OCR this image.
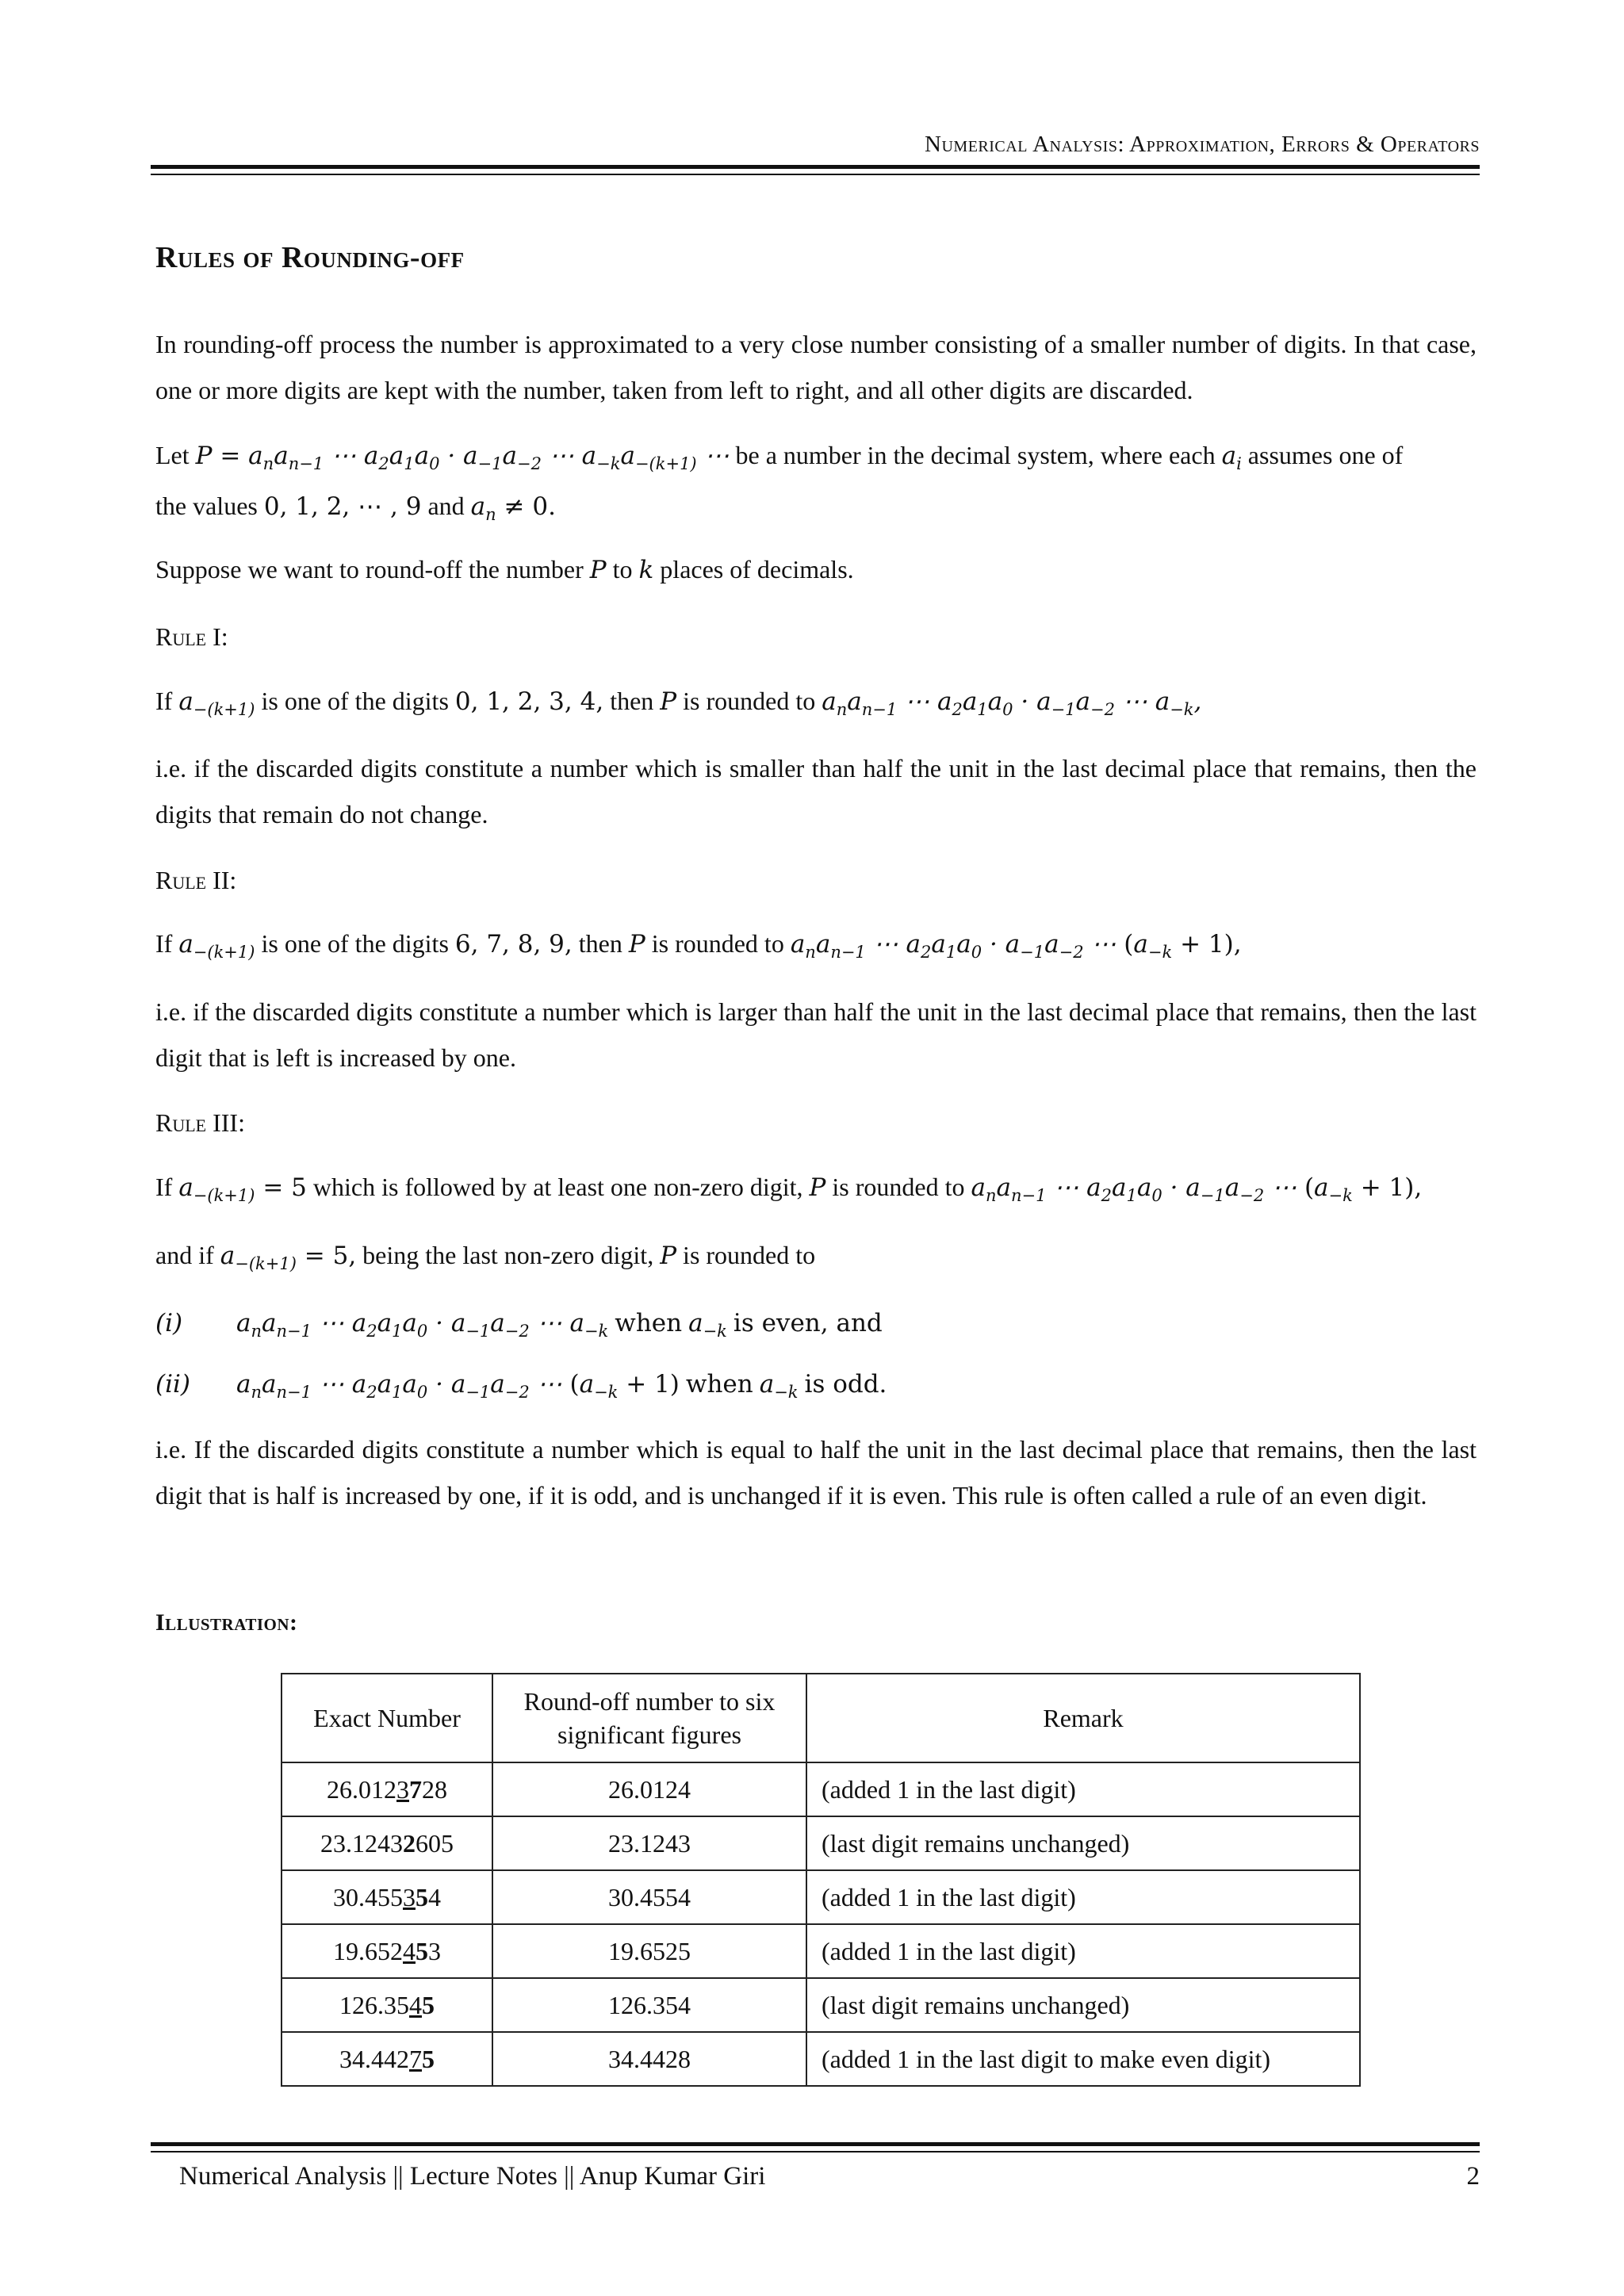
Numerical Analysis: Approximation, Errors & Operators
Rules of Rounding-off
In rounding-off process the number is approximated to a very close number consisting of a smaller number of digits. In that case, one or more digits are kept with the number, taken from left to right, and all other digits are discarded.
Let $P = a_na_{n-1}$ ⋯ $a_2a_1a_0 \cdot a_{-1}a_{-2}$ ⋯ $a_{-k}a_{-(k+1)}$ ⋯ be a number in the decimal system, where each $a_i$ assumes one of
the values 0, 1, 2, ⋯ , 9 and $a_n \ne 0$.
Suppose we want to round-off the number P to k places of decimals.
Rule I:
If $a_{-(k+1)}$ is one of the digits 0, 1, 2, 3, 4, then P is rounded to $a_na_{n-1}$ ⋯ $a_2a_1a_0 \cdot a_{-1}a_{-2}$ ⋯ $a_{-k}$,
i.e. if the discarded digits constitute a number which is smaller than half the unit in the last decimal place that remains, then the digits that remain do not change.
Rule II:
If $a_{-(k+1)}$ is one of the digits 6, 7, 8, 9, then P is rounded to $a_na_{n-1}$ ⋯ $a_2a_1a_0 \cdot a_{-1}a_{-2}$ ⋯ $(a_{-k} + 1)$,
i.e. if the discarded digits constitute a number which is larger than half the unit in the last decimal place that remains, then the last digit that is left is increased by one.
Rule III:
If $a_{-(k+1)} = 5$ which is followed by at least one non-zero digit, P is rounded to $a_na_{n-1}$ ⋯ $a_2a_1a_0 \cdot a_{-1}a_{-2}$ ⋯ $(a_{-k} + 1)$,
and if $a_{-(k+1)} = 5$, being the last non-zero digit, P is rounded to
(i) $a_na_{n-1}$ ⋯ $a_2a_1a_0 \cdot a_{-1}a_{-2}$ ⋯ $a_{-k}$ when $a_{-k}$ is even, and
(ii) $a_na_{n-1}$ ⋯ $a_2a_1a_0 \cdot a_{-1}a_{-2}$ ⋯ $(a_{-k} + 1)$ when $a_{-k}$ is odd.
i.e. If the discarded digits constitute a number which is equal to half the unit in the last decimal place that remains, then the last digit that is half is increased by one, if it is odd, and is unchanged if it is even. This rule is often called a rule of an even digit.
Illustration:
Exact Number	Round-off number to six significant figures	Remark
26.0123728	26.0124	(added 1 in the last digit)
23.12432605	23.1243	(last digit remains unchanged)
30.455354	30.4554	(added 1 in the last digit)
19.652453	19.6525	(added 1 in the last digit)
126.3545	126.354	(last digit remains unchanged)
34.44275	34.4428	(added 1 in the last digit to make even digit)
Numerical Analysis || Lecture Notes || Anup Kumar Giri	2
